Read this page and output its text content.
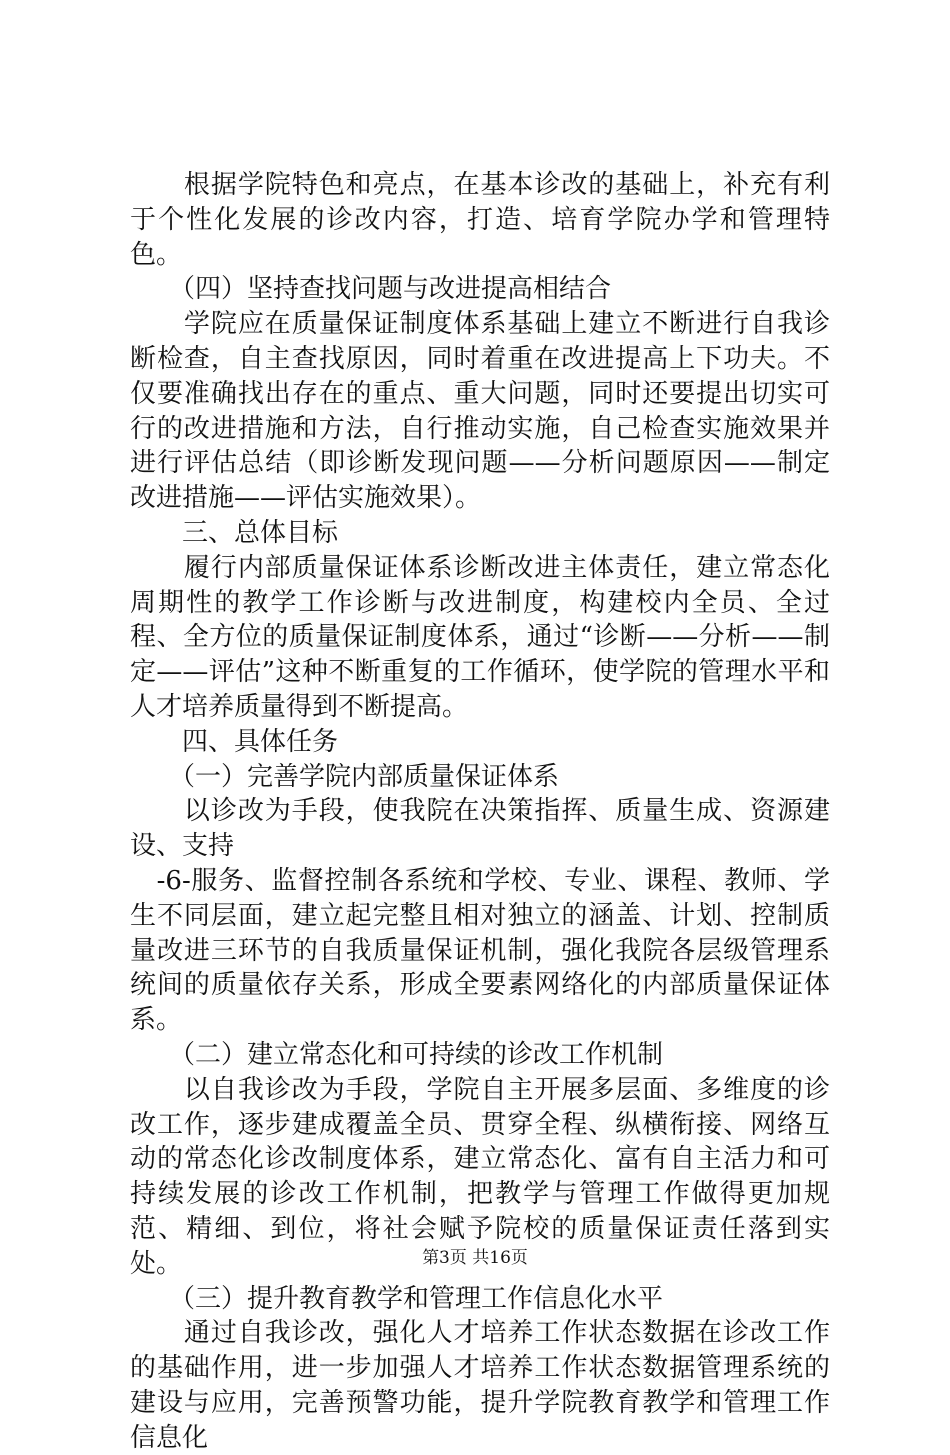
　　根据学院特色和亮点，在基本诊改的基础上，补充有利于个性化发展的诊改内容，打造、培育学院办学和管理特色。

　　（四）坚持查找问题与改进提高相结合

　　学院应在质量保证制度体系基础上建立不断进行自我诊断检查，自主查找原因，同时着重在改进提高上下功夫。不仅要准确找出存在的重点、重大问题，同时还要提出切实可行的改进措施和方法，自行推动实施，自己检查实施效果并进行评估总结（即诊断发现问题——分析问题原因——制定改进措施——评估实施效果）。

　　三、总体目标

　　履行内部质量保证体系诊断改进主体责任，建立常态化周期性的教学工作诊断与改进制度，构建校内全员、全过程、全方位的质量保证制度体系，通过“诊断——分析——制定——评估”这种不断重复的工作循环，使学院的管理水平和人才培养质量得到不断提高。

　　四、具体任务

　　（一）完善学院内部质量保证体系

　　以诊改为手段，使我院在决策指挥、质量生成、资源建设、支持

　-6-服务、监督控制各系统和学校、专业、课程、教师、学生不同层面，建立起完整且相对独立的涵盖、计划、控制质量改进三环节的自我质量保证机制，强化我院各层级管理系统间的质量依存关系，形成全要素网络化的内部质量保证体系。

　　（二）建立常态化和可持续的诊改工作机制

　　以自我诊改为手段，学院自主开展多层面、多维度的诊改工作，逐步建成覆盖全员、贯穿全程、纵横衔接、网络互动的常态化诊改制度体系，建立常态化、富有自主活力和可持续发展的诊改工作机制，把教学与管理工作做得更加规范、精细、到位，将社会赋予院校的质量保证责任落到实处。

　　（三）提升教育教学和管理工作信息化水平

　　通过自我诊改，强化人才培养工作状态数据在诊改工作的基础作用，进一步加强人才培养工作状态数据管理系统的建设与应用，完善预警功能，提升学院教育教学和管理工作信息化

第3页 共16页
